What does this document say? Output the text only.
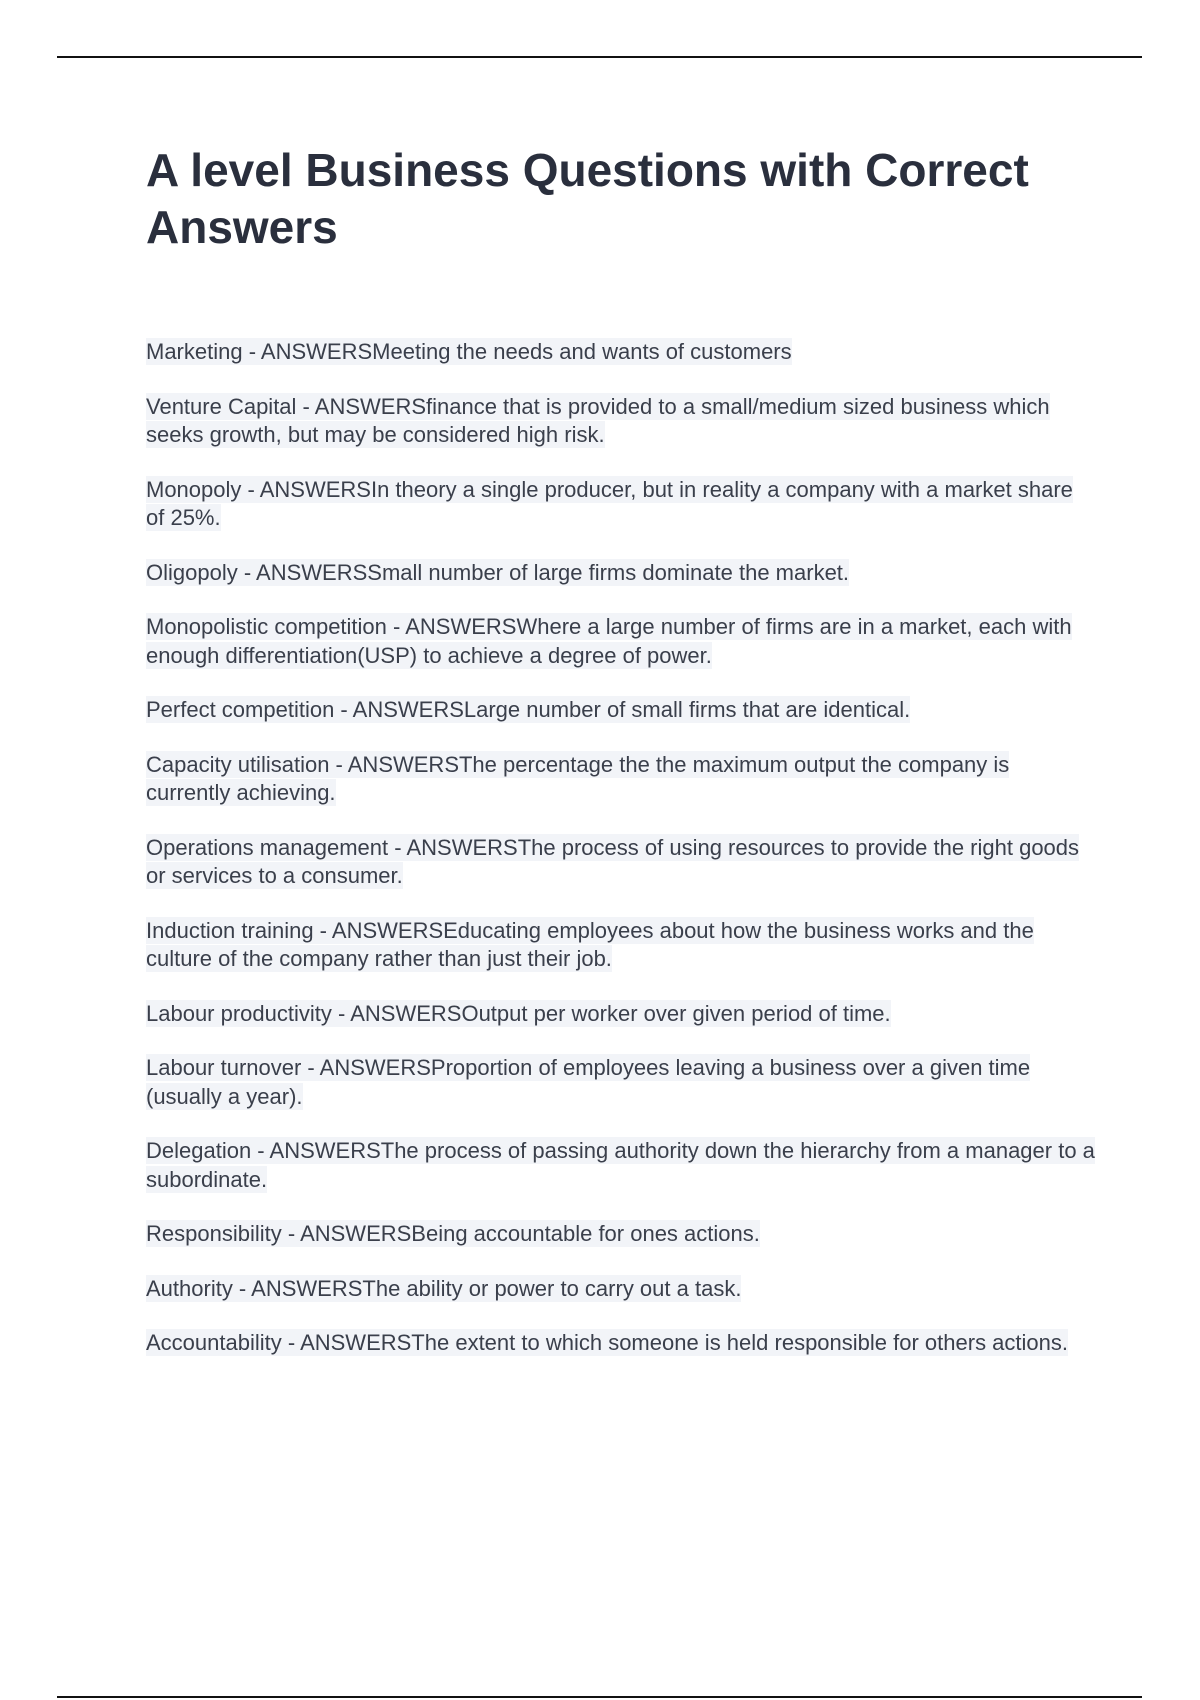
A level Business Questions with Correct Answers

Marketing - ANSWERSMeeting the needs and wants of customers

Venture Capital - ANSWERSfinance that is provided to a small/medium sized business which seeks growth, but may be considered high risk.

Monopoly - ANSWERSIn theory a single producer, but in reality a company with a market share of 25%.

Oligopoly - ANSWERSSmall number of large firms dominate the market.

Monopolistic competition - ANSWERSWhere a large number of firms are in a market, each with enough differentiation(USP) to achieve a degree of power.

Perfect competition - ANSWERSLarge number of small firms that are identical.

Capacity utilisation - ANSWERSThe percentage the the maximum output the company is currently achieving.

Operations management - ANSWERSThe process of using resources to provide the right goods or services to a consumer.

Induction training - ANSWERSEducating employees about how the business works and the culture of the company rather than just their job.

Labour productivity - ANSWERSOutput per worker over given period of time.

Labour turnover - ANSWERSProportion of employees leaving a business over a given time (usually a year).

Delegation - ANSWERSThe process of passing authority down the hierarchy from a manager to a subordinate.

Responsibility - ANSWERSBeing accountable for ones actions.

Authority - ANSWERSThe ability or power to carry out a task.

Accountability - ANSWERSThe extent to which someone is held responsible for others actions.
